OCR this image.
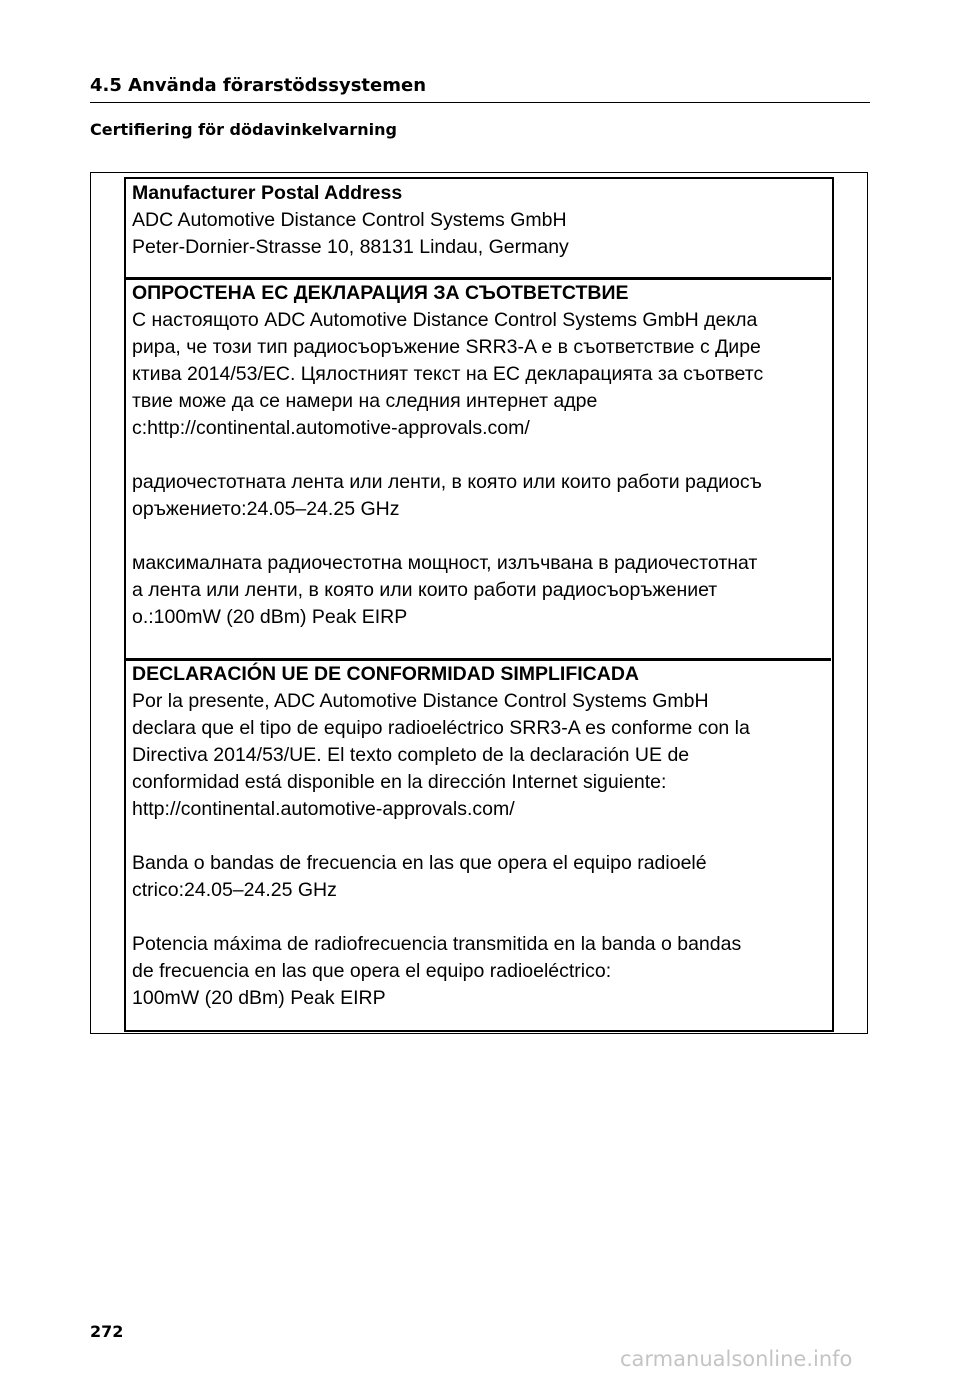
4.5 Använda förarstödssystemen
Certifiering för dödavinkelvarning
Manufacturer Postal Address
ADC Automotive Distance Control Systems GmbH
Peter-Dornier-Strasse 10, 88131 Lindau, Germany
ОПРОСТЕНА ЕС ДЕКЛАРАЦИЯ ЗА СЪОТВЕТСТВИЕ
С настоящото ADC Automotive Distance Control Systems GmbH декла
рира, че този тип радиосъоръжение SRR3-A е в съответствие с Дире
ктива 2014/53/ЕС. Цялостният текст на ЕС декларацията за съответс
твие може да се намери на следния интернет адре
с:http://continental.automotive-approvals.com/
радиочестотната лента или ленти, в която или които работи радиосъ
оръжението:24.05–24.25 GHz
максималната радиочестотна мощност, излъчвана в радиочестотнат
а лента или ленти, в която или които работи радиосъоръжениет
о.:100mW (20 dBm) Peak EIRP
DECLARACIÓN UE DE CONFORMIDAD SIMPLIFICADA
Por la presente, ADC Automotive Distance Control Systems GmbH
declara que el tipo de equipo radioeléctrico SRR3-A es conforme con la
Directiva 2014/53/UE. El texto completo de la declaración UE de
conformidad está disponible en la dirección Internet siguiente:
http://continental.automotive-approvals.com/
Banda o bandas de frecuencia en las que opera el equipo radioelé
ctrico:24.05–24.25 GHz
Potencia máxima de radiofrecuencia transmitida en la banda o bandas
de frecuencia en las que opera el equipo radioeléctrico:
100mW (20 dBm) Peak EIRP
272
carmanualsonline.info
